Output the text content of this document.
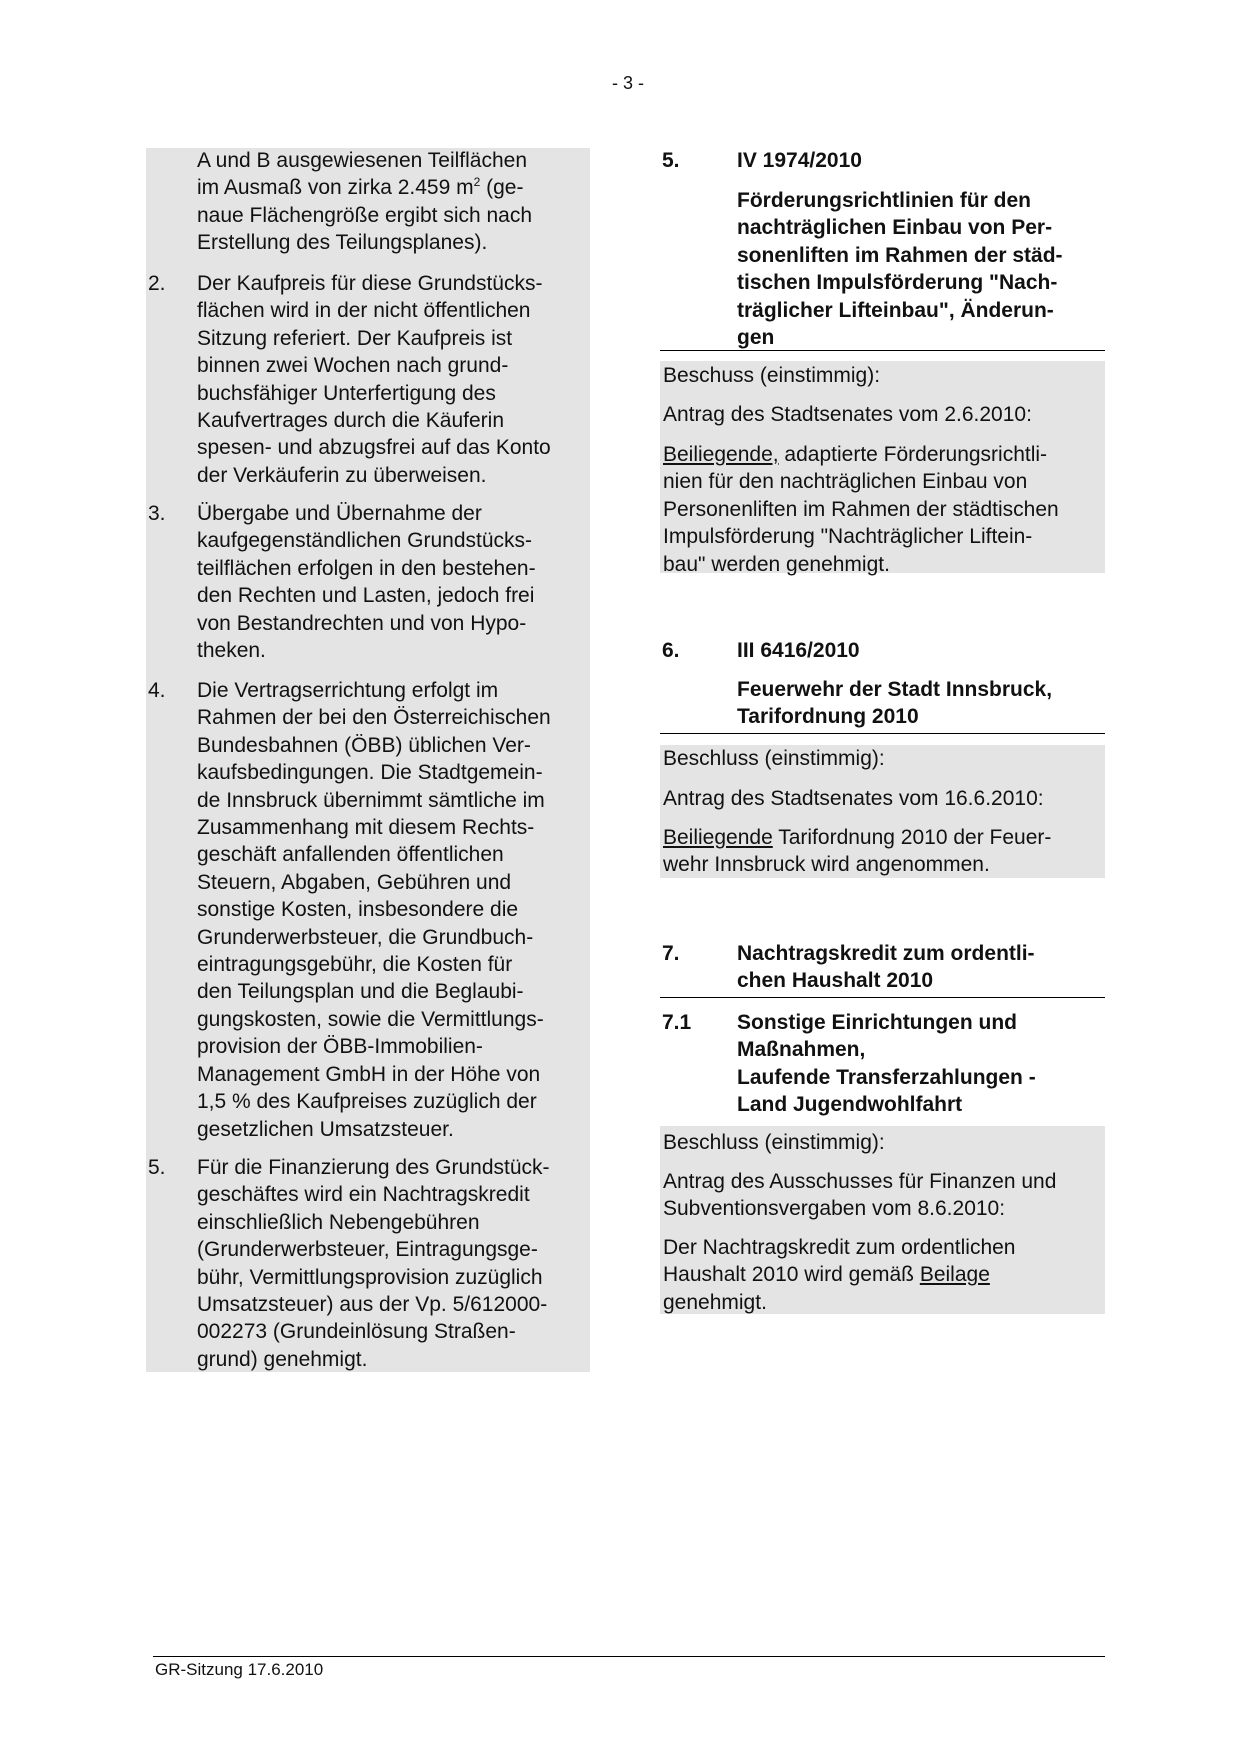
- 3 -
A und B ausgewiesenen Teilflächen
im Ausmaß von zirka 2.459 $m^2$ (ge-
naue Flächengröße ergibt sich nach
Erstellung des Teilungsplanes).
2. Der Kaufpreis für diese Grundstücks-
flächen wird in der nicht öffentlichen
Sitzung referiert. Der Kaufpreis ist
binnen zwei Wochen nach grund-
buchsfähiger Unterfertigung des
Kaufvertrages durch die Käuferin
spesen- und abzugsfrei auf das Konto
der Verkäuferin zu überweisen.
3. Übergabe und Übernahme der
kaufgegenständlichen Grundstücks-
teilflächen erfolgen in den bestehen-
den Rechten und Lasten, jedoch frei
von Bestandrechten und von Hypo-
theken.
4. Die Vertragserrichtung erfolgt im
Rahmen der bei den Österreichischen
Bundesbahnen (ÖBB) üblichen Ver-
kaufsbedingungen. Die Stadtgemein-
de Innsbruck übernimmt sämtliche im
Zusammenhang mit diesem Rechts-
geschäft anfallenden öffentlichen
Steuern, Abgaben, Gebühren und
sonstige Kosten, insbesondere die
Grunderwerbsteuer, die Grundbuch-
eintragungsgebühr, die Kosten für
den Teilungsplan und die Beglaubi-
gungskosten, sowie die Vermittlungs-
provision der ÖBB-Immobilien-
Management GmbH in der Höhe von
1,5 % des Kaufpreises zuzüglich der
gesetzlichen Umsatzsteuer.
5. Für die Finanzierung des Grundstück-
geschäftes wird ein Nachtragskredit
einschließlich Nebengebühren
(Grunderwerbsteuer, Eintragungsge-
bühr, Vermittlungsprovision zuzüglich
Umsatzsteuer) aus der Vp. 5/612000-
002273 (Grundeinlösung Straßen-
grund) genehmigt.
5.	IV 1974/2010
Förderungsrichtlinien für den
nachträglichen Einbau von Per-
sonenliften im Rahmen der städ-
tischen Impulsförderung "Nach-
träglicher Lifteinbau", Änderun-
gen
Beschuss (einstimmig):
Antrag des Stadtsenates vom 2.6.2010:
Beiliegende, adaptierte Förderungsrichtli-
nien für den nachträglichen Einbau von
Personenliften im Rahmen der städtischen
Impulsförderung "Nachträglicher Liftein-
bau" werden genehmigt.
6.	III 6416/2010
Feuerwehr der Stadt Innsbruck,
Tarifordnung 2010
Beschluss (einstimmig):
Antrag des Stadtsenates vom 16.6.2010:
Beiliegende Tarifordnung 2010 der Feuer-
wehr Innsbruck wird angenommen.
7.	Nachtragskredit zum ordentli-
chen Haushalt 2010
7.1 Sonstige Einrichtungen und
Maßnahmen,
Laufende Transferzahlungen -
Land Jugendwohlfahrt
Beschluss (einstimmig):
Antrag des Ausschusses für Finanzen und
Subventionsvergaben vom 8.6.2010:
Der Nachtragskredit zum ordentlichen
Haushalt 2010 wird gemäß Beilage
genehmigt.
GR-Sitzung 17.6.2010
